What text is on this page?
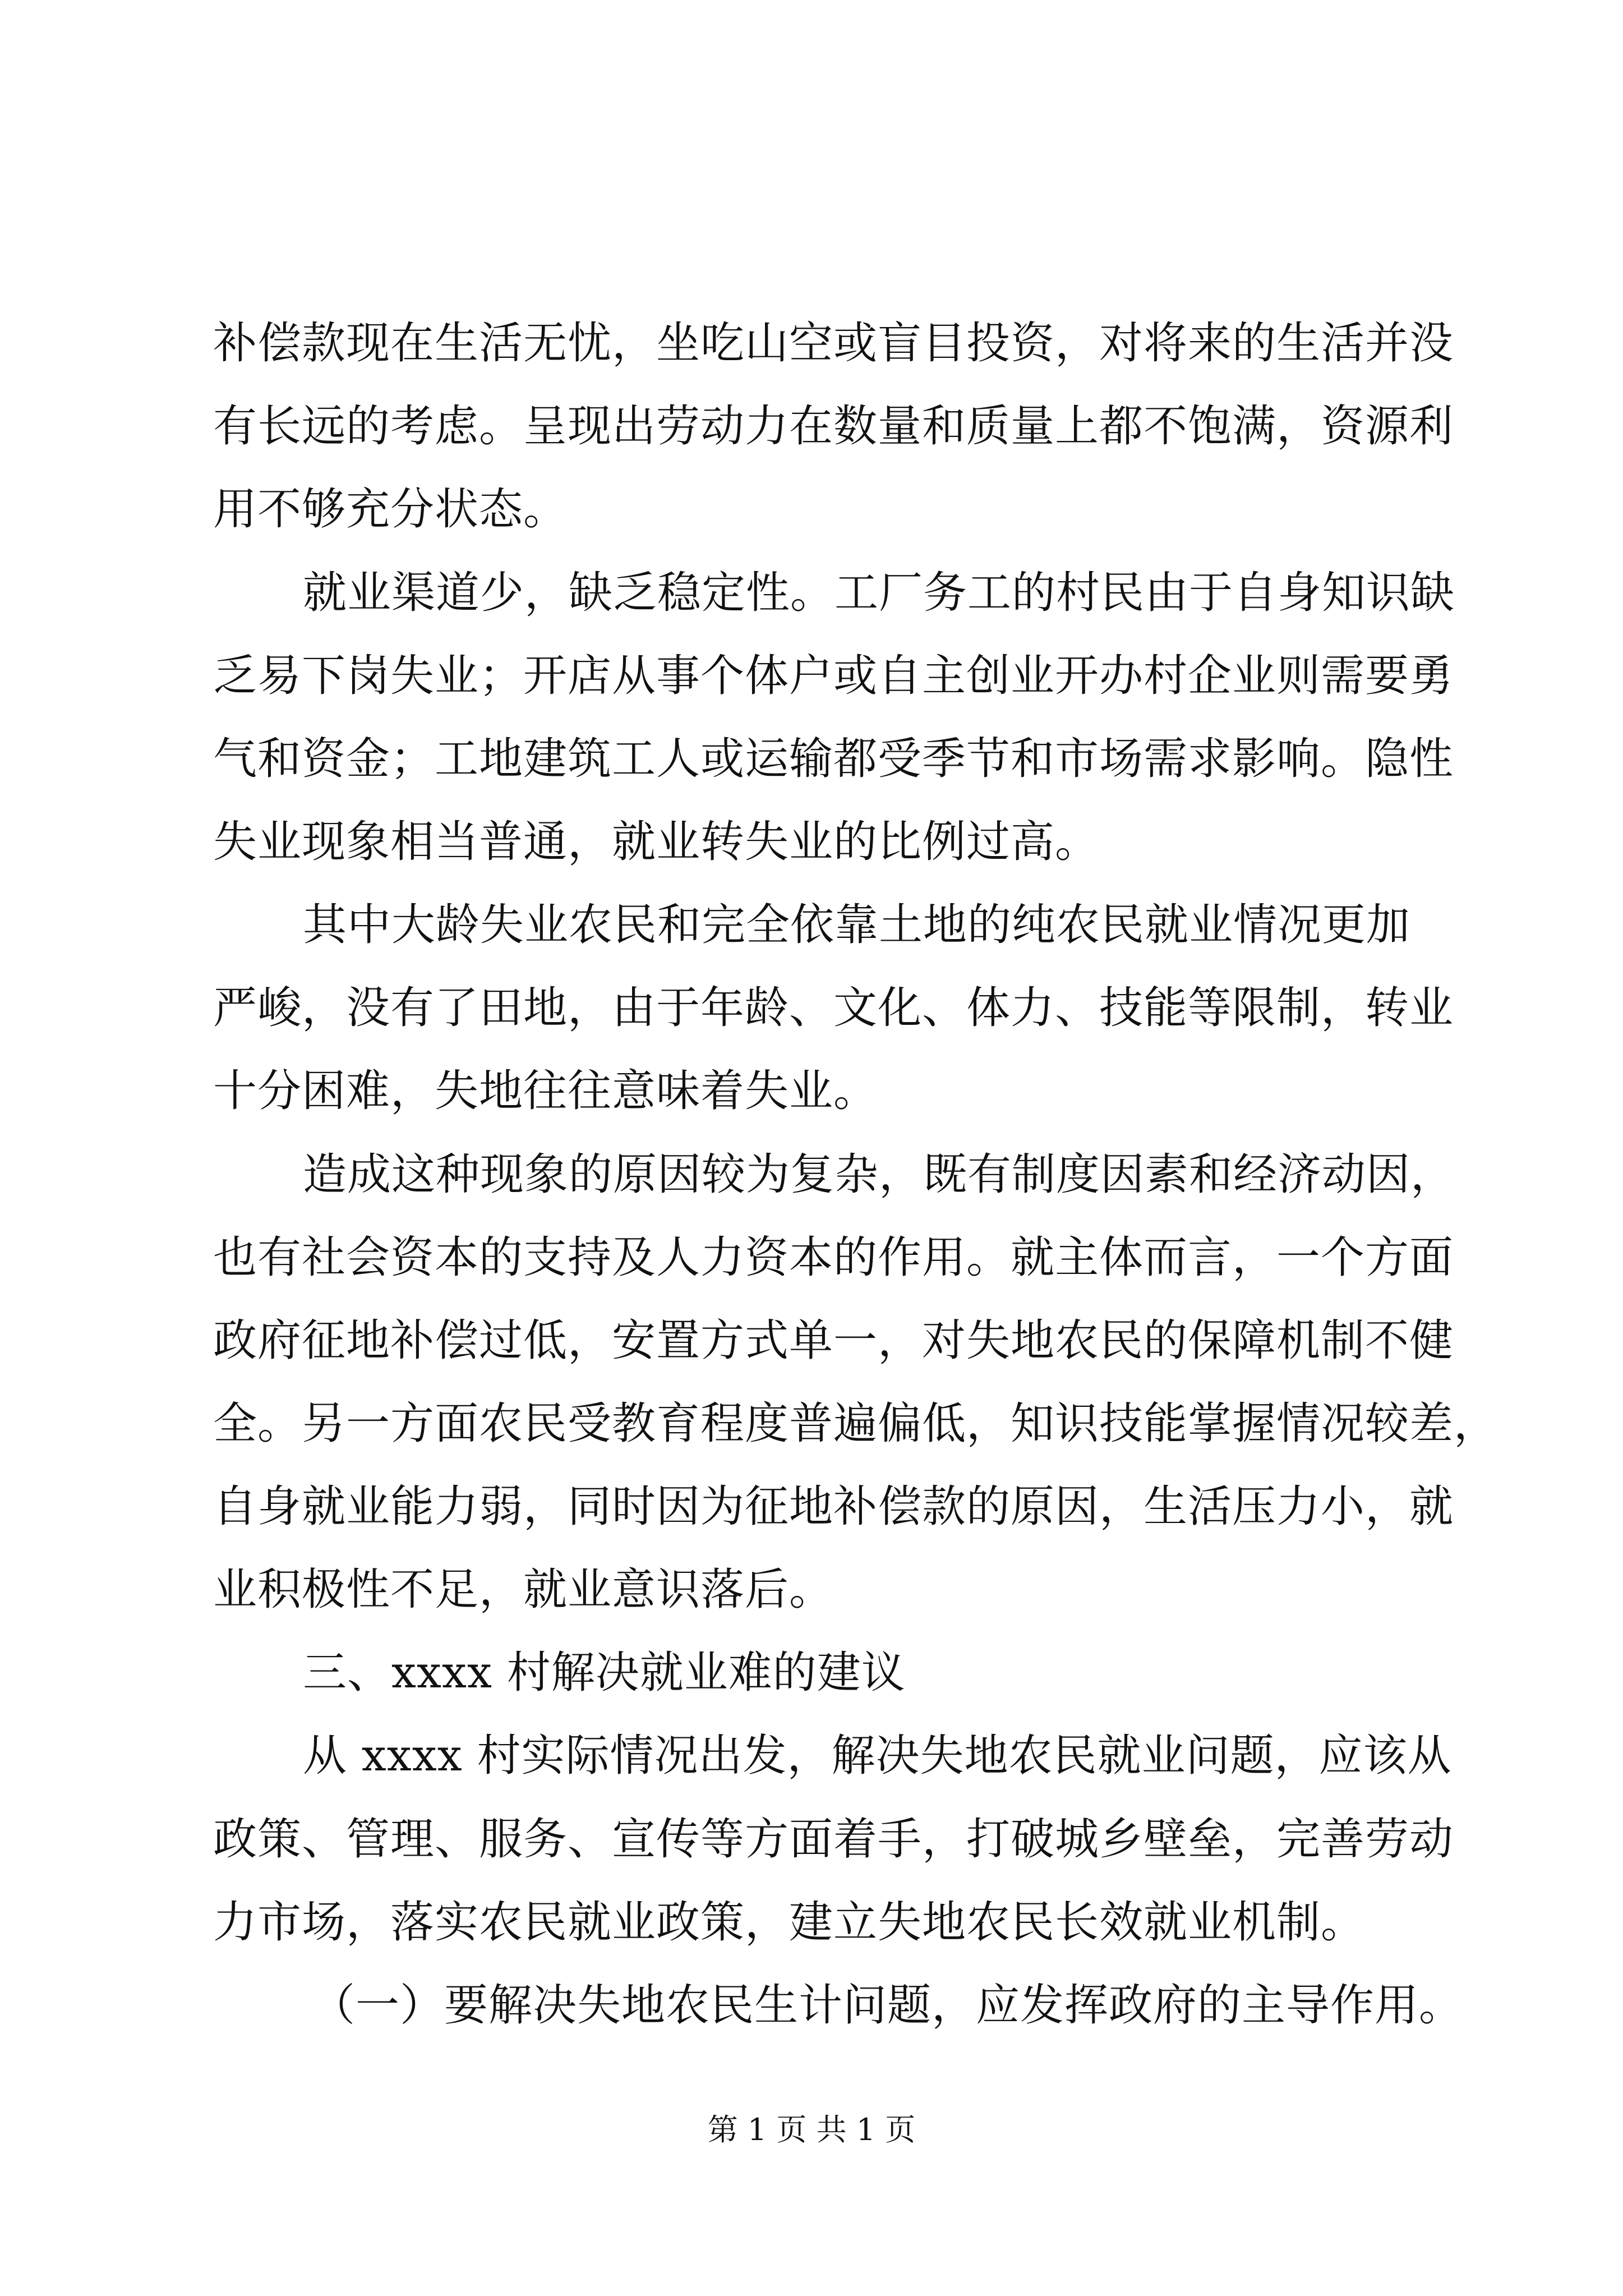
补偿款现在生活无忧，坐吃山空或盲目投资，对将来的生活并没

有长远的考虑。呈现出劳动力在数量和质量上都不饱满，资源利

用不够充分状态。

就业渠道少，缺乏稳定性。工厂务工的村民由于自身知识缺

乏易下岗失业；开店从事个体户或自主创业开办村企业则需要勇

气和资金；工地建筑工人或运输都受季节和市场需求影响。隐性

失业现象相当普通，就业转失业的比例过高。

其中大龄失业农民和完全依靠土地的纯农民就业情况更加

严峻，没有了田地，由于年龄、文化、体力、技能等限制，转业

十分困难，失地往往意味着失业。

造成这种现象的原因较为复杂，既有制度因素和经济动因，

也有社会资本的支持及人力资本的作用。就主体而言，一个方面

政府征地补偿过低，安置方式单一，对失地农民的保障机制不健

全。另一方面农民受教育程度普遍偏低，知识技能掌握情况较差，

自身就业能力弱，同时因为征地补偿款的原因，生活压力小，就

业积极性不足，就业意识落后。

三、xxxx 村解决就业难的建议

从 xxxx 村实际情况出发，解决失地农民就业问题，应该从

政策、管理、服务、宣传等方面着手，打破城乡壁垒，完善劳动

力市场，落实农民就业政策，建立失地农民长效就业机制。

（一）要解决失地农民生计问题，应发挥政府的主导作用。

第 1 页 共 1 页
